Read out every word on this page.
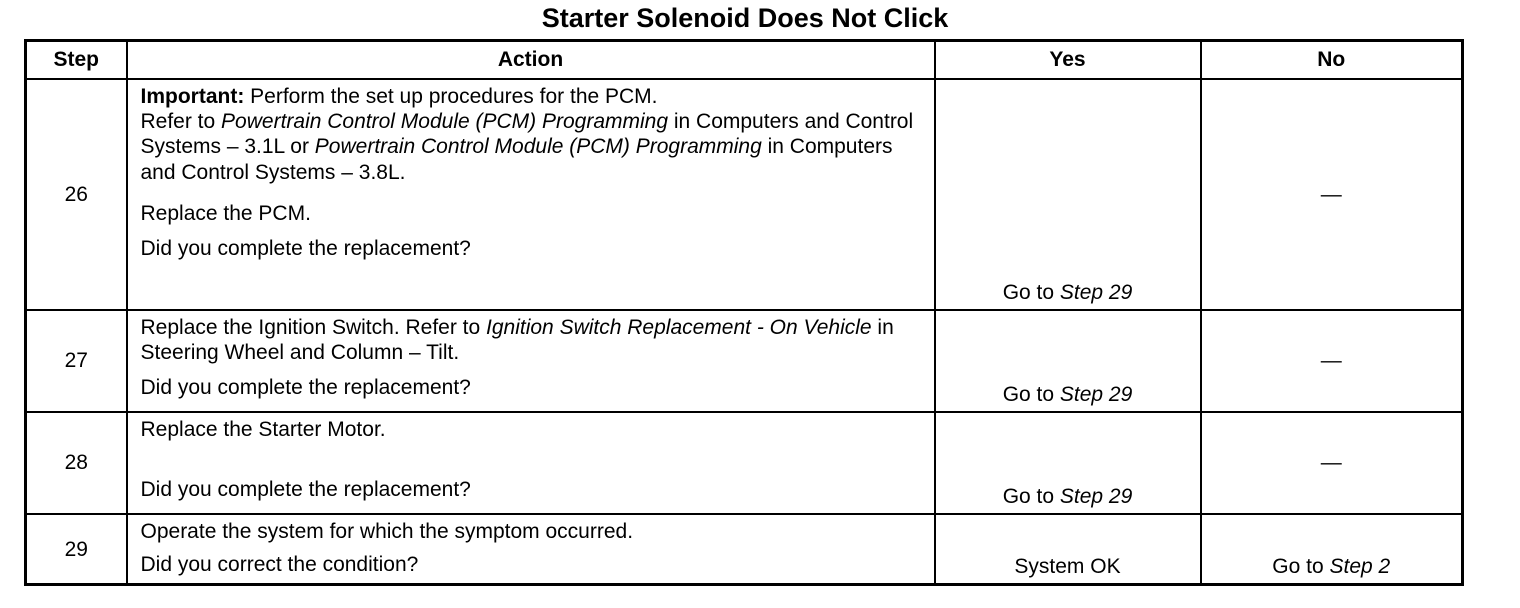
Starter Solenoid Does Not Click
Step	Action	Yes	No
26	Important: Perform the set up procedures for the PCM.
Refer to Powertrain Control Module (PCM) Programming in Computers and Control Systems – 3.1L or Powertrain Control Module (PCM) Programming in Computers and Control Systems – 3.8L.

Replace the PCM.

Did you complete the replacement?	Go to Step 29	—
27	Replace the Ignition Switch. Refer to Ignition Switch Replacement - On Vehicle in Steering Wheel and Column – Tilt.

Did you complete the replacement?	Go to Step 29	—
28	Replace the Starter Motor.

Did you complete the replacement?	Go to Step 29	—
29	Operate the system for which the symptom occurred.

Did you correct the condition?	System OK	Go to Step 2
